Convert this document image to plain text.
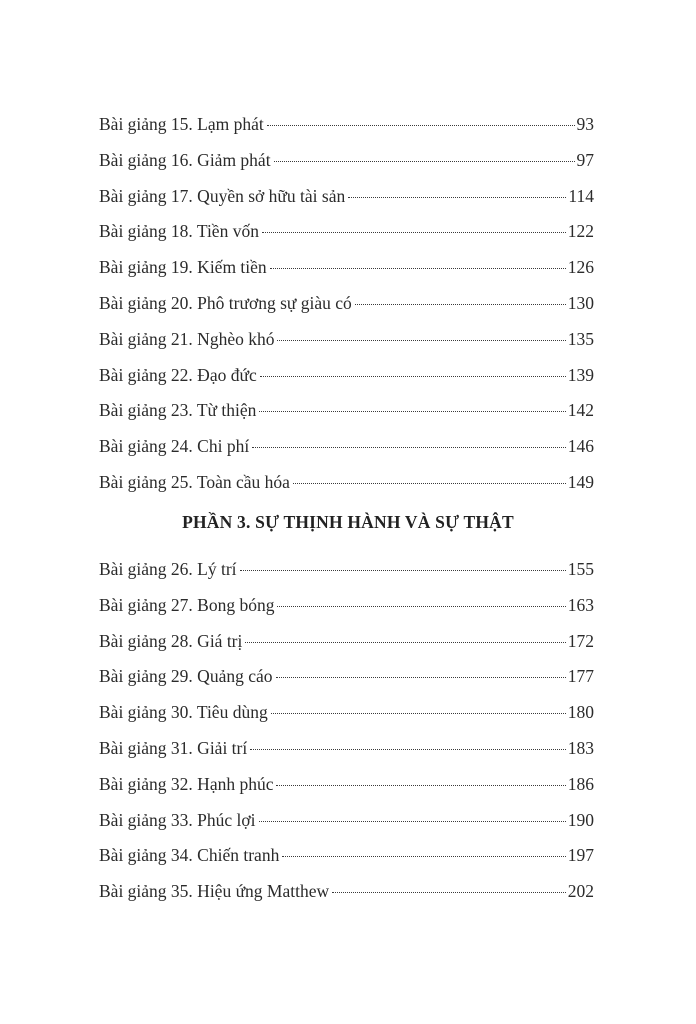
Bài giảng 15. Lạm phát	93
Bài giảng 16. Giảm phát	97
Bài giảng 17. Quyền sở hữu tài sản	114
Bài giảng 18. Tiền vốn	122
Bài giảng 19. Kiếm tiền	126
Bài giảng 20. Phô trương sự giàu có	130
Bài giảng 21. Nghèo khó	135
Bài giảng 22. Đạo đức	139
Bài giảng 23. Từ thiện	142
Bài giảng 24. Chi phí	146
Bài giảng 25. Toàn cầu hóa	149
PHẦN 3. SỰ THỊNH HÀNH VÀ SỰ THẬT
Bài giảng 26. Lý trí	155
Bài giảng 27. Bong bóng	163
Bài giảng 28. Giá trị	172
Bài giảng 29. Quảng cáo	177
Bài giảng 30. Tiêu dùng	180
Bài giảng 31. Giải trí	183
Bài giảng 32. Hạnh phúc	186
Bài giảng 33. Phúc lợi	190
Bài giảng 34. Chiến tranh	197
Bài giảng 35. Hiệu ứng Matthew	202
